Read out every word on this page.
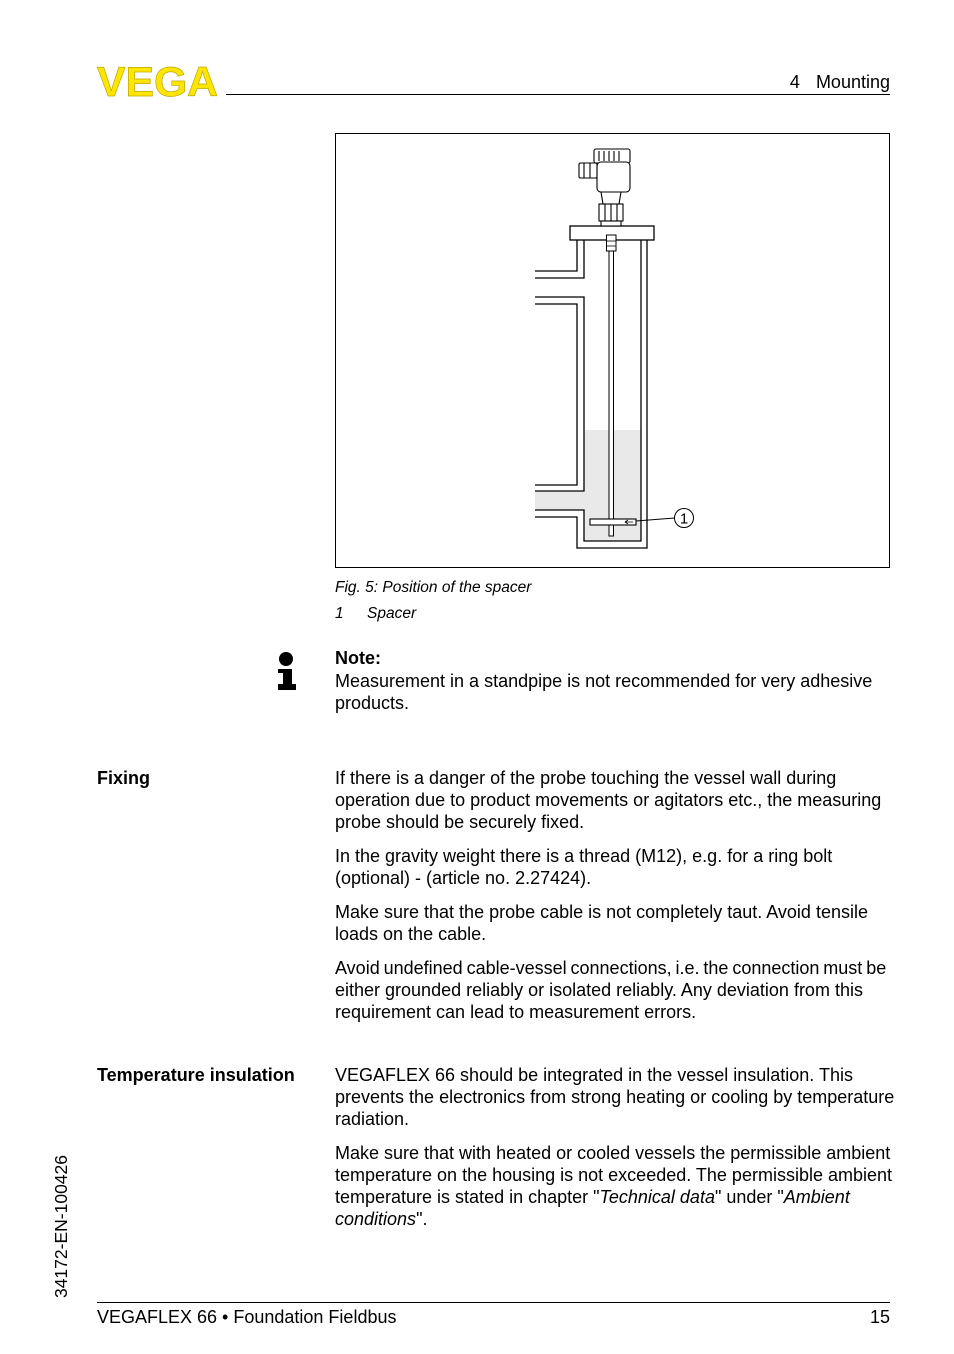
VEGA	4 Mounting
1
Fig. 5: Position of the spacer
1 Spacer
Note:
Measurement in a standpipe is not recommended for very adhesive
products.
Fixing	If there is a danger of the probe touching the vessel wall during
operation due to product movements or agitators etc., the measuring
probe should be securely fixed.

In the gravity weight there is a thread (M12), e.g. for a ring bolt
(optional) - (article no. 2.27424).

Make sure that the probe cable is not completely taut. Avoid tensile
loads on the cable.

Avoid undefined cable-vessel connections, i.e. the connection must be
either grounded reliably or isolated reliably. Any deviation from this
requirement can lead to measurement errors.

Temperature insulation VEGAFLEX 66 should be integrated in the vessel insulation. This
prevents the electronics from strong heating or cooling by temperature
radiation.

Make sure that with heated or cooled vessels the permissible ambient
temperature on the housing is not exceeded. The permissible ambient
temperature is stated in chapter "Technical data" under "Ambient
conditions".

34172-EN-100426
VEGAFLEX 66 • Foundation Fieldbus	15
